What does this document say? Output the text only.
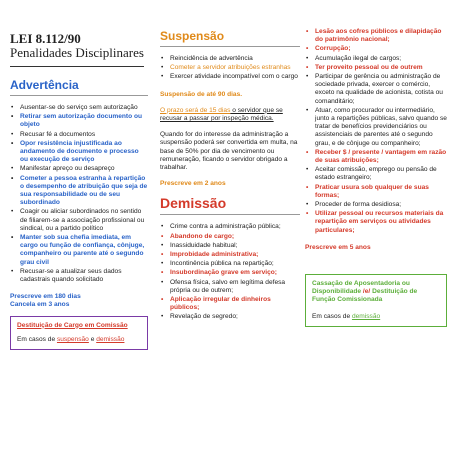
LEI 8.112/90
Penalidades Disciplinares
Advertência
• Ausentar-se do serviço sem autorização
• Retirar sem autorização documento ou objeto
• Recusar fé a documentos
• Opor resistência injustificada ao andamento de documento e processo ou execução de serviço
• Manifestar apreço ou desapreço
• Cometer a pessoa estranha à repartição o desempenho de atribuição que seja de sua responsabilidade ou de seu subordinado
• Coagir ou aliciar subordinados no sentido de filiarem-se a associação profissional ou sindical, ou a partido político
• Manter sob sua chefia imediata, em cargo ou função de confiança, cônjuge, companheiro ou parente até o segundo grau civil
• Recusar-se a atualizar seus dados cadastrais quando solicitado
Prescreve em 180 dias
Cancela em 3 anos
Destituição de Cargo em Comissão
Em casos de suspensão e demissão
Suspensão
• Reincidência de advertência
• Cometer a servidor atribuições estranhas
• Exercer atividade incompatível com o cargo
Suspensão de até 90 dias.
O prazo será de 15 dias o servidor que se recusar a passar por inspeção médica.
Quando for do interesse da administração a suspensão poderá ser convertida em multa, na base de 50% por dia de vencimento ou remuneração, ficando o servidor obrigado a trabalhar.
Prescreve em 2 anos
Demissão
• Crime contra a administração pública;
• Abandono de cargo;
• Inassiduidade habitual;
• Improbidade administrativa;
• Incontinência pública na repartição;
• Insubordinação grave em serviço;
• Ofensa física, salvo em legítima defesa própria ou de outrem;
• Aplicação irregular de dinheiros públicos;
• Revelação de segredo;
• Lesão aos cofres públicos e dilapidação do patrimônio nacional;
• Corrupção;
• Acumulação ilegal de cargos;
• Ter proveito pessoal ou de outrem
• Participar de gerência ou administração de sociedade privada, exercer o comércio, exceto na qualidade de acionista, cotista ou comanditário;
• Atuar, como procurador ou intermediário, junto a repartições públicas, salvo quando se tratar de benefícios previdenciários ou assistenciais de parentes até o segundo grau, e de cônjuge ou companheiro;
• Receber $ / presente / vantagem em razão de suas atribuições;
• Aceitar comissão, emprego ou pensão de estado estrangeiro;
• Praticar usura sob qualquer de suas formas;
• Proceder de forma desidiosa;
• Utilizar pessoal ou recursos materiais da repartição em serviços ou atividades particulares;
Prescreve em 5 anos
Cassação de Aposentadoria ou Disponibilidade /e/ Destituição de Função Comissionada
Em casos de demissão
